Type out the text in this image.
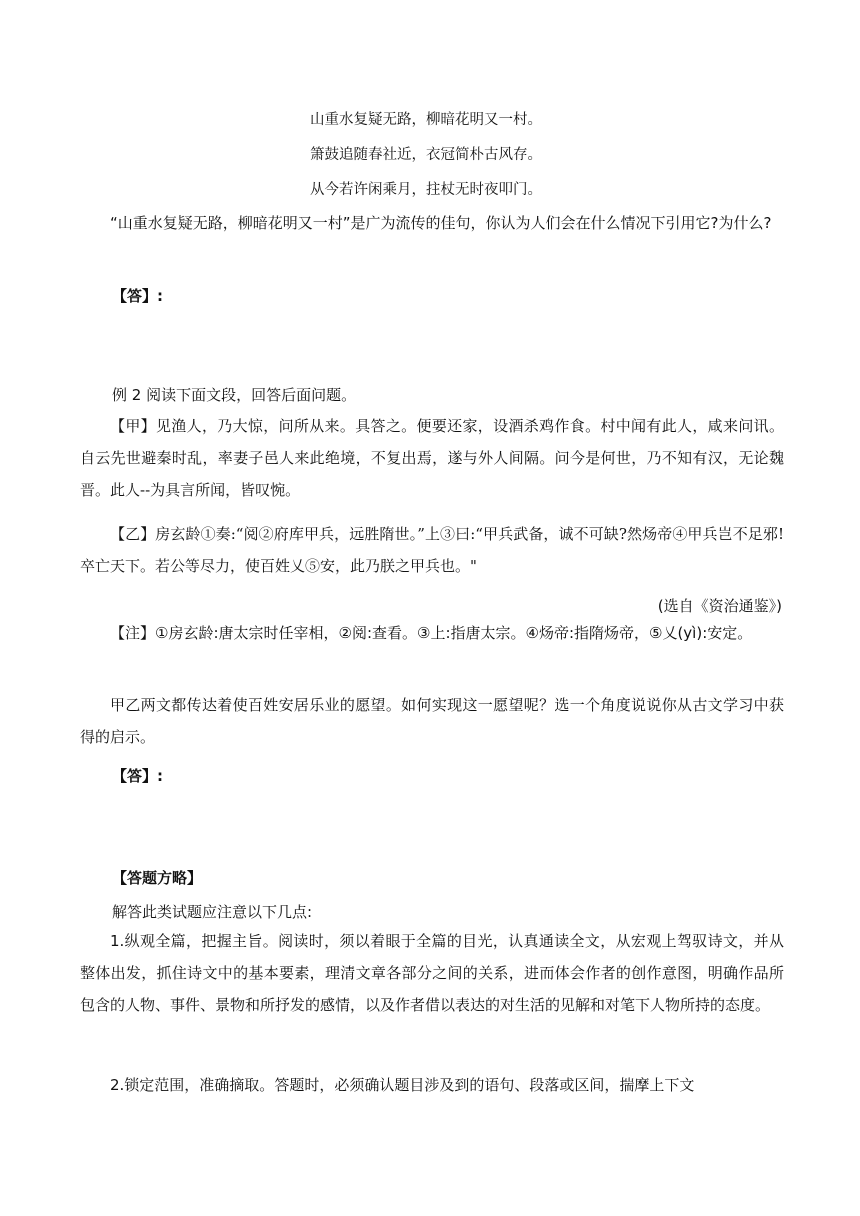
山重水复疑无路，柳暗花明又一村。
箫鼓追随春社近，衣冠简朴古风存。
从今若许闲乘月，拄杖无时夜叩门。
“山重水复疑无路，柳暗花明又一村”是广为流传的佳句，你认为人们会在什么情况下引用它?为什么?
【答】:
例 2 阅读下面文段，回答后面问题。
【甲】见渔人，乃大惊，问所从来。具答之。便要还家，设酒杀鸡作食。村中闻有此人，咸来问讯。自云先世避秦时乱，率妻子邑人来此绝境，不复出焉，遂与外人间隔。问今是何世，乃不知有汉，无论魏晋。此人--为具言所闻，皆叹惋。
【乙】房玄龄①奏:“阅②府库甲兵，远胜隋世。”上③曰:“甲兵武备，诚不可缺?然炀帝④甲兵岂不足邪!卒亡天下。若公等尽力，使百姓乂⑤安，此乃朕之甲兵也。"
(选自《资治通鉴》)
【注】①房玄龄:唐太宗时任宰相，②阅:查看。③上:指唐太宗。④炀帝:指隋炀帝，⑤乂(yì):安定。
甲乙两文都传达着使百姓安居乐业的愿望。如何实现这一愿望呢？选一个角度说说你从古文学习中获得的启示。
【答】:
【答题方略】
解答此类试题应注意以下几点:
1.纵观全篇，把握主旨。阅读时，须以着眼于全篇的目光，认真通读全文，从宏观上驾驭诗文，并从整体出发，抓住诗文中的基本要素，理清文章各部分之间的关系，进而体会作者的创作意图，明确作品所包含的人物、事件、景物和所抒发的感情，以及作者借以表达的对生活的见解和对笔下人物所持的态度。
2.锁定范围，准确摘取。答题时，必须确认题目涉及到的语句、段落或区间，揣摩上下文
